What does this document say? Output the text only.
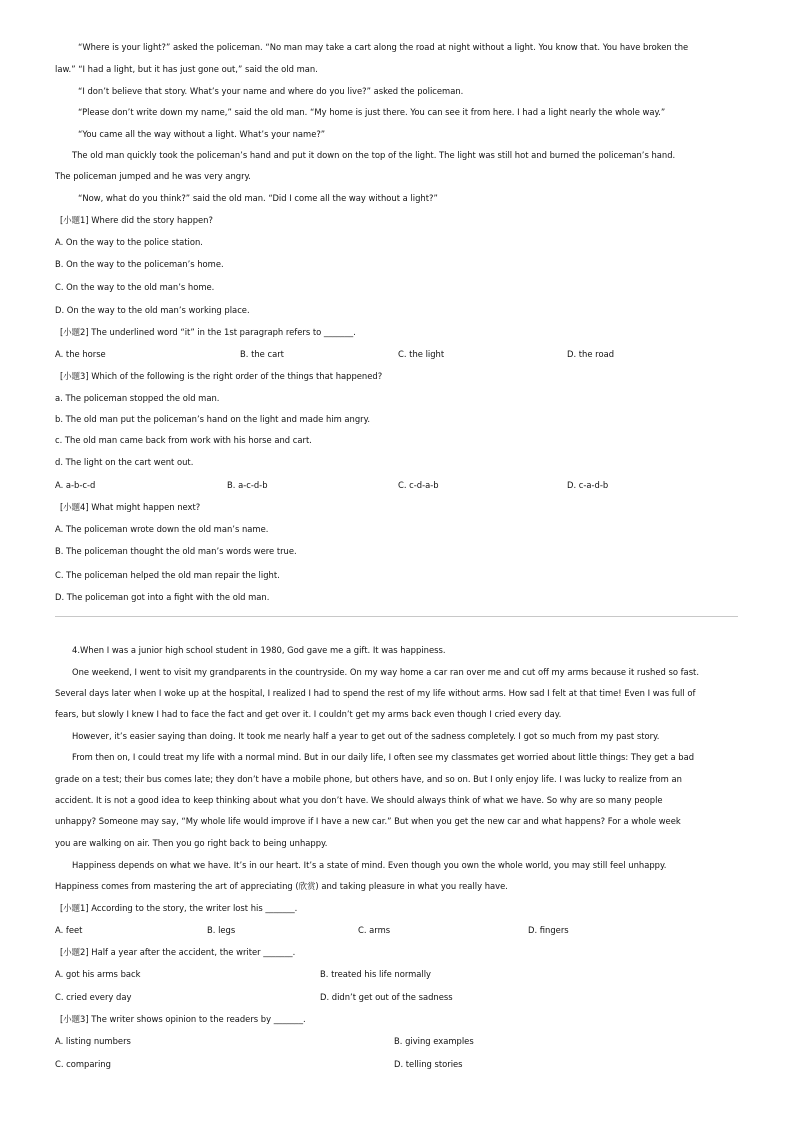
“Where is your light?” asked the policeman. “No man may take a cart along the road at night without a light. You know that. You have broken the
law.” “I had a light, but it has just gone out,” said the old man.
“I don’t believe that story. What’s your name and where do you live?” asked the policeman.
“Please don’t write down my name,” said the old man. “My home is just there. You can see it from here. I had a light nearly the whole way.”
“You came all the way without a light. What’s your name?”
The old man quickly took the policeman’s hand and put it down on the top of the light. The light was still hot and burned the policeman’s hand.
The policeman jumped and he was very angry.
“Now, what do you think?” said the old man. “Did I come all the way without a light?”
[小题1] Where did the story happen?
A. On the way to the police station.
B. On the way to the policeman’s home.
C. On the way to the old man’s home.
D. On the way to the old man’s working place.
[小题2] The underlined word “it” in the 1st paragraph refers to _______.
A. the horse	B. the cart	C. the light	D. the road
[小题3] Which of the following is the right order of the things that happened?
a. The policeman stopped the old man.
b. The old man put the policeman’s hand on the light and made him angry.
c. The old man came back from work with his horse and cart.
d. The light on the cart went out.
A. a-b-c-d	B. a-c-d-b	C. c-d-a-b	D. c-a-d-b
[小题4] What might happen next?
A. The policeman wrote down the old man’s name.
B. The policeman thought the old man’s words were true.
C. The policeman helped the old man repair the light.
D. The policeman got into a fight with the old man.
4.When I was a junior high school student in 1980, God gave me a gift. It was happiness.
One weekend, I went to visit my grandparents in the countryside. On my way home a car ran over me and cut off my arms because it rushed so fast.
Several days later when I woke up at the hospital, I realized I had to spend the rest of my life without arms. How sad I felt at that time! Even I was full of
fears, but slowly I knew I had to face the fact and get over it. I couldn’t get my arms back even though I cried every day.
However, it’s easier saying than doing. It took me nearly half a year to get out of the sadness completely. I got so much from my past story.
From then on, I could treat my life with a normal mind. But in our daily life, I often see my classmates get worried about little things: They get a bad
grade on a test; their bus comes late; they don’t have a mobile phone, but others have, and so on. But I only enjoy life. I was lucky to realize from an
accident. It is not a good idea to keep thinking about what you don’t have. We should always think of what we have. So why are so many people
unhappy? Someone may say, “My whole life would improve if I have a new car.” But when you get the new car and what happens? For a whole week
you are walking on air. Then you go right back to being unhappy.
Happiness depends on what we have. It’s in our heart. It’s a state of mind. Even though you own the whole world, you may still feel unhappy.
Happiness comes from mastering the art of appreciating (欣赏) and taking pleasure in what you really have.
[小题1] According to the story, the writer lost his _______.
A. feet	B. legs	C. arms	D. fingers
[小题2] Half a year after the accident, the writer _______.
A. got his arms back	B. treated his life normally
C. cried every day	D. didn’t get out of the sadness
[小题3] The writer shows opinion to the readers by _______.
A. listing numbers	B. giving examples
C. comparing	D. telling stories
